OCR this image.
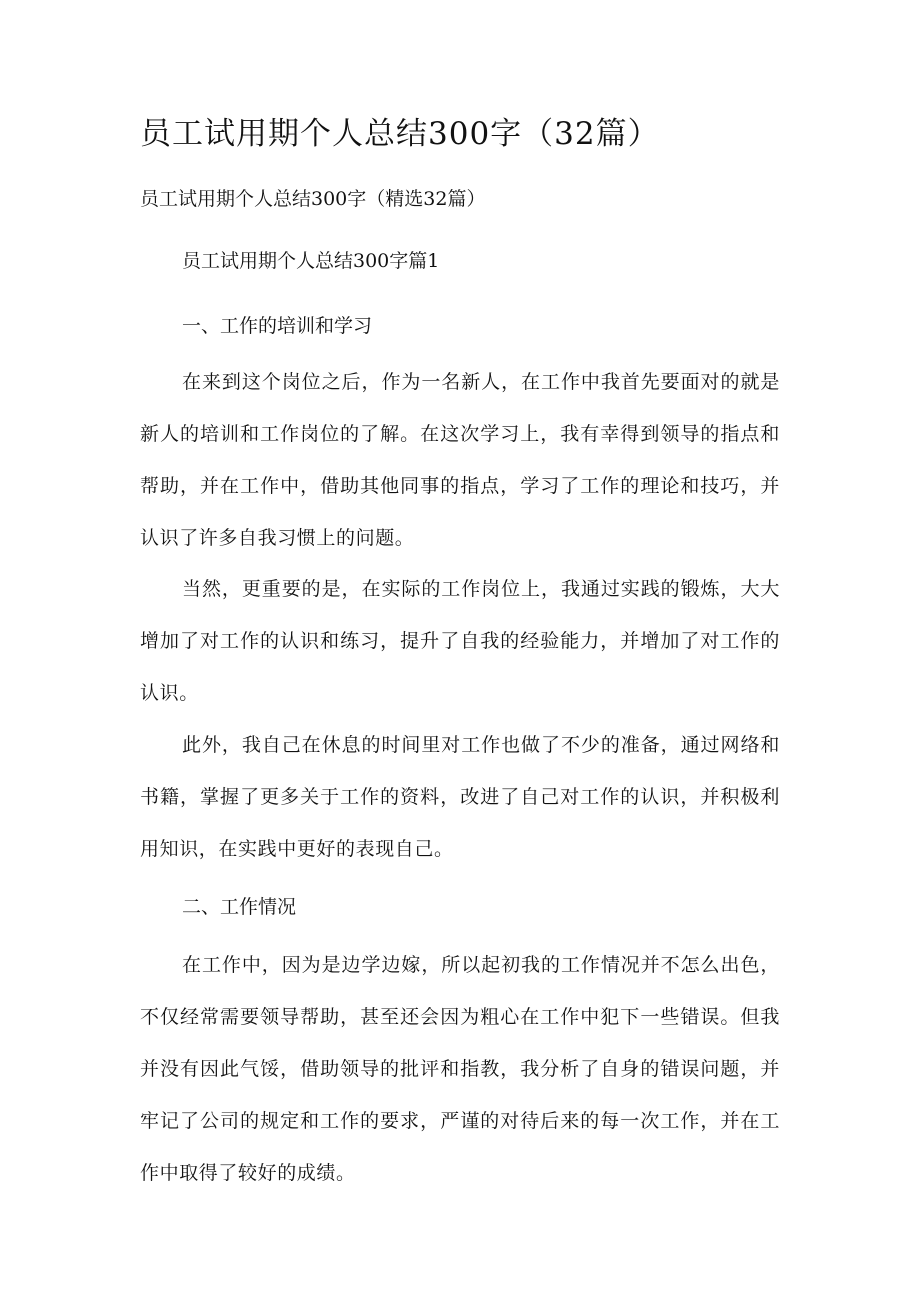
员工试用期个人总结300字（32篇）

员工试用期个人总结300字（精选32篇）

员工试用期个人总结300字篇1
一、工作的培训和学习
在来到这个岗位之后，作为一名新人，在工作中我首先要面对的就是
新人的培训和工作岗位的了解。在这次学习上，我有幸得到领导的指点和
帮助，并在工作中，借助其他同事的指点，学习了工作的理论和技巧，并
认识了许多自我习惯上的问题。
当然，更重要的是，在实际的工作岗位上，我通过实践的锻炼，大大
增加了对工作的认识和练习，提升了自我的经验能力，并增加了对工作的
认识。
此外，我自己在休息的时间里对工作也做了不少的准备，通过网络和
书籍，掌握了更多关于工作的资料，改进了自己对工作的认识，并积极利
用知识，在实践中更好的表现自己。
二、工作情况
在工作中，因为是边学边嫁，所以起初我的工作情况并不怎么出色，
不仅经常需要领导帮助，甚至还会因为粗心在工作中犯下一些错误。但我
并没有因此气馁，借助领导的批评和指教，我分析了自身的错误问题，并
牢记了公司的规定和工作的要求，严谨的对待后来的每一次工作，并在工
作中取得了较好的成绩。
